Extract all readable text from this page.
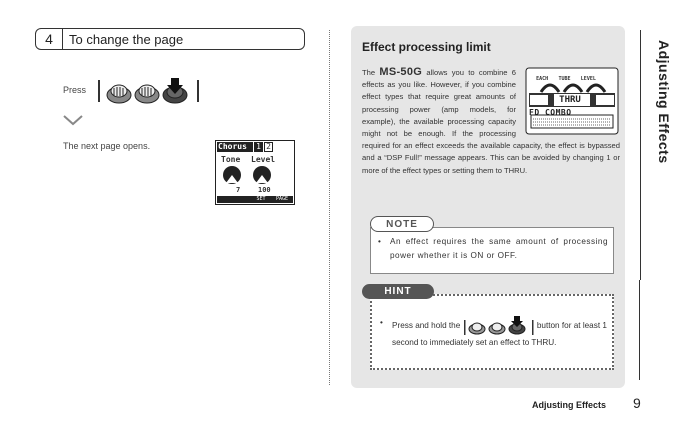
4	To change the page
Press
The next page opens.	Chorus	1 2
Tone Level
7	100
SET	PAGE
Effect processing limit
The MS-50G allows you to combine 6 effects as you like. However, if you combine effect types that require great amounts of processing power (amp models, for example), the available processing capacity might not be enough. If the processing required for an effect exceeds the available capacity, the effect is bypassed and a “DSP Full!” message appears. This can be avoided by changing 1 or more of the effect types or setting them to THRU.
EACH TUBE LEVEL
THRU
FD COMBO
NOTE
•	An effect requires the same amount of processing power whether it is ON or OFF.
HINT
•	Press and hold the	button for at least 1 second to immediately set an effect to THRU.
Adjusting Effects
Adjusting Effects 9
